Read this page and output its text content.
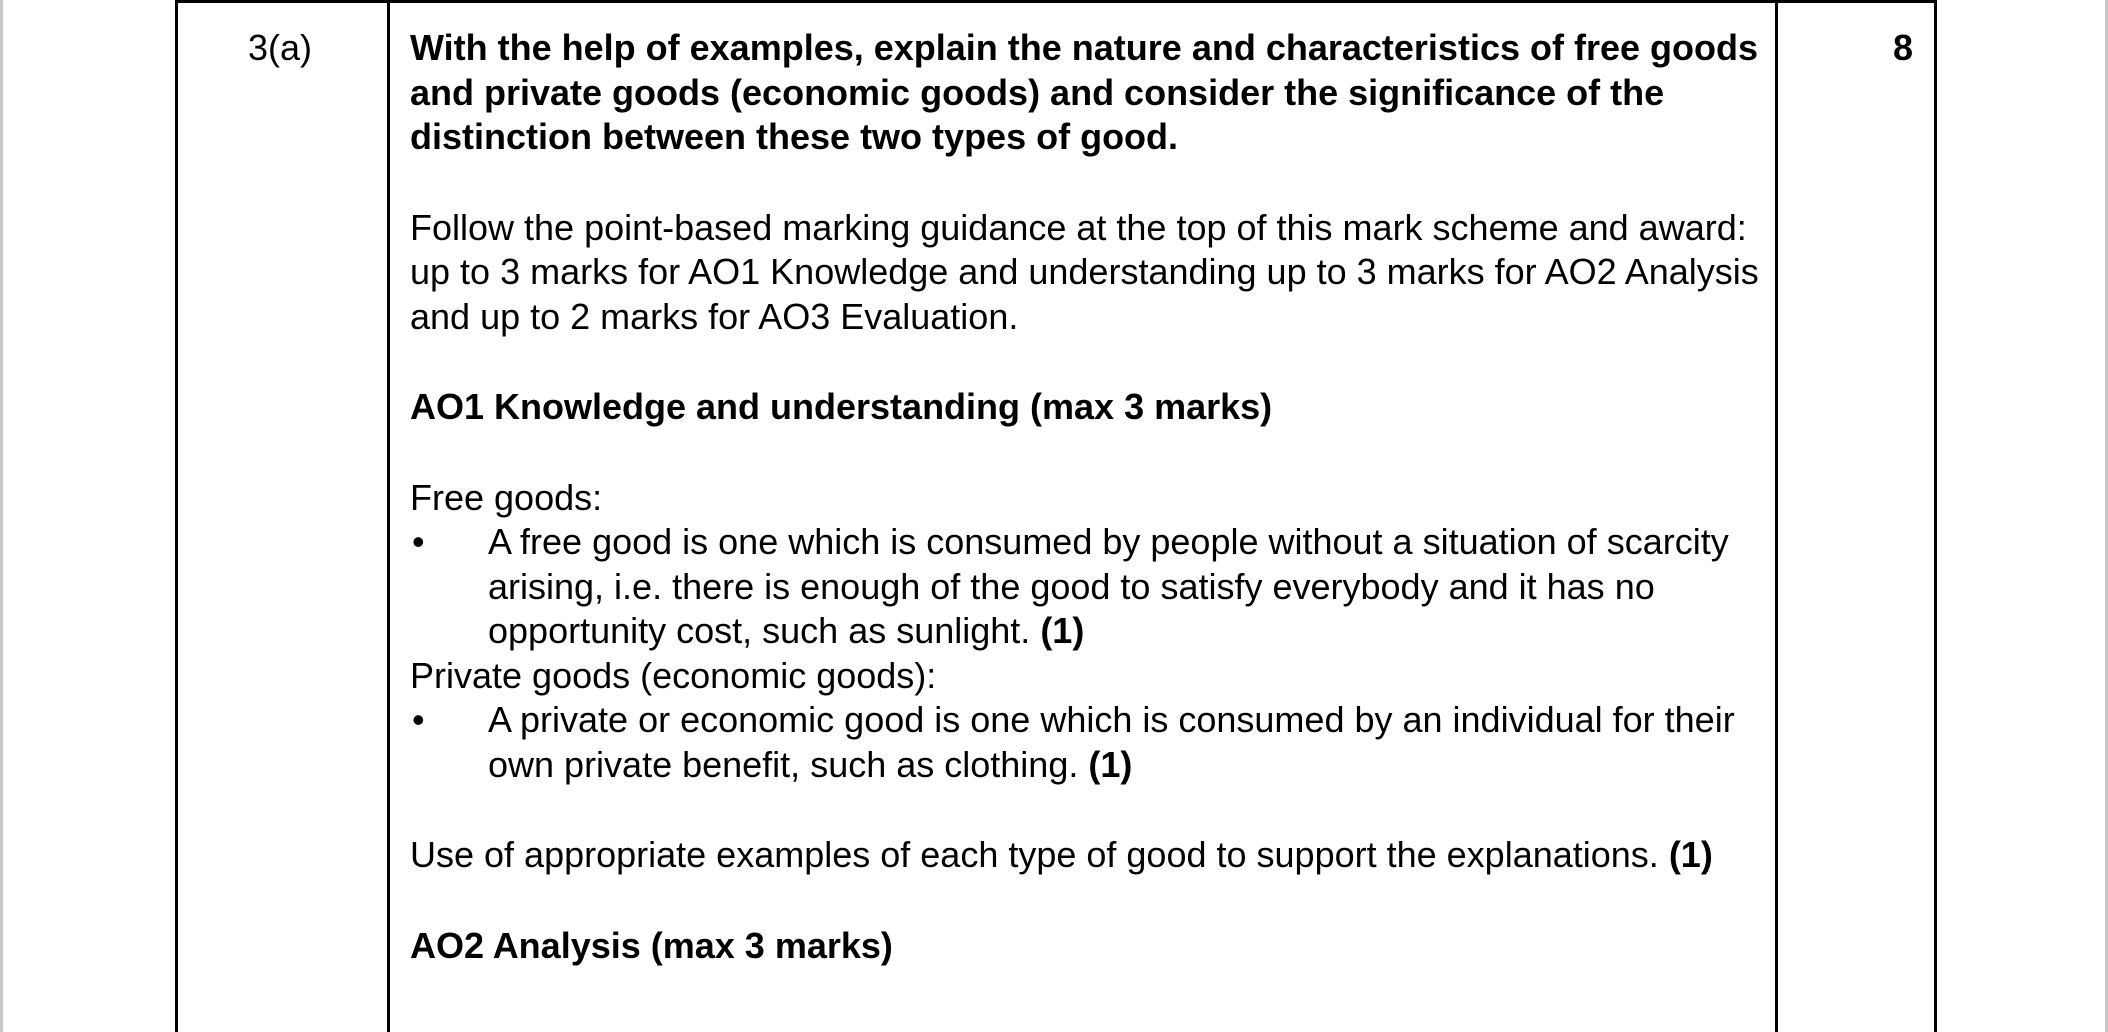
3(a)	With the help of examples, explain the nature and characteristics of free goods and private goods (economic goods) and consider the significance of the distinction between these two types of good.

Follow the point-based marking guidance at the top of this mark scheme and award: up to 3 marks for AO1 Knowledge and understanding up to 3 marks for AO2 Analysis and up to 2 marks for AO3 Evaluation.

AO1 Knowledge and understanding (max 3 marks)

Free goods:

• A free good is one which is consumed by people without a situation of scarcity arising, i.e. there is enough of the good to satisfy everybody and it has no opportunity cost, such as sunlight. (1)

Private goods (economic goods):

• A private or economic good is one which is consumed by an individual for their own private benefit, such as clothing. (1)

Use of appropriate examples of each type of good to support the explanations. (1)

AO2 Analysis (max 3 marks)

8
